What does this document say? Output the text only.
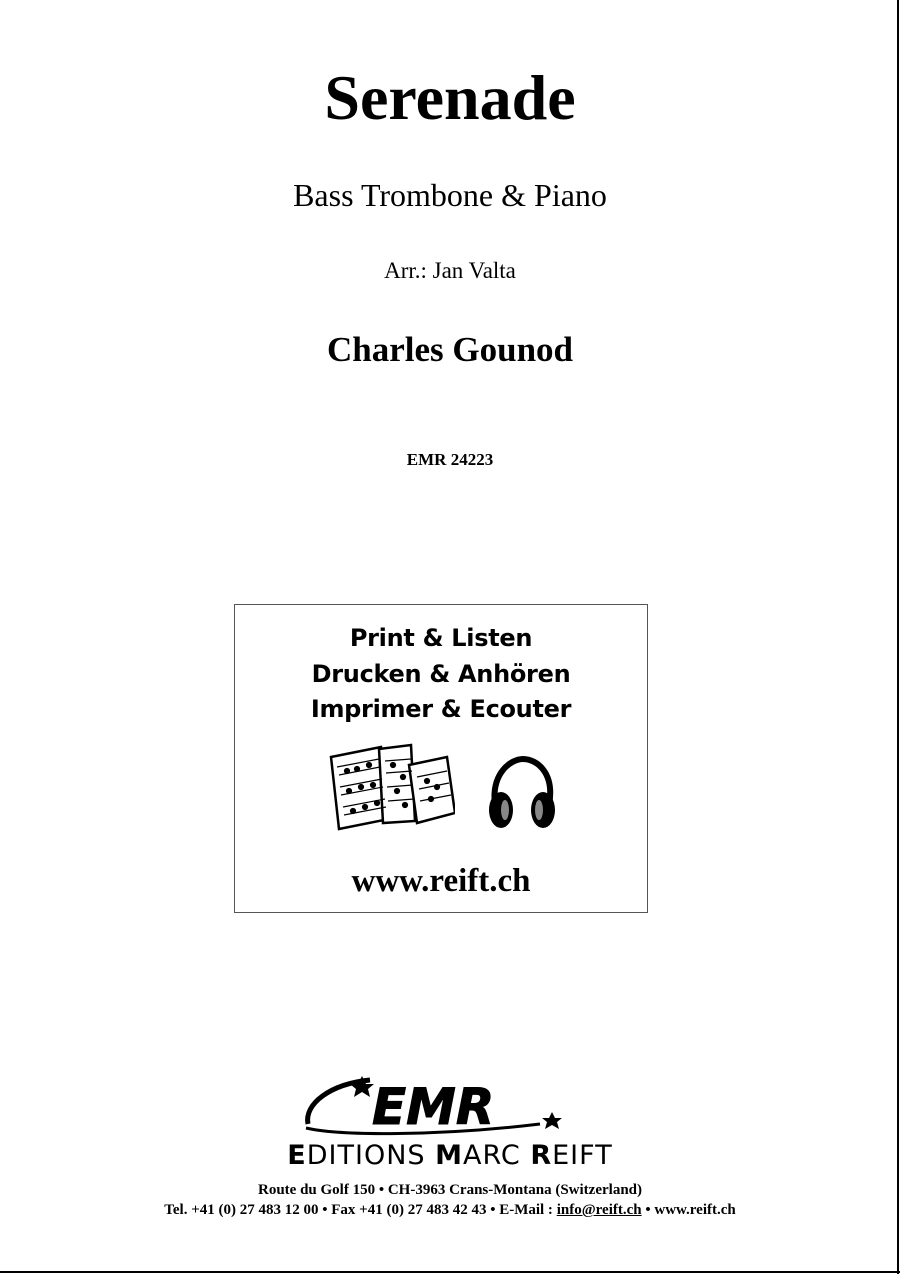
Serenade
Bass Trombone & Piano
Arr.: Jan Valta
Charles Gounod
EMR 24223
Print & Listen
Drucken & Anhören
Imprimer & Ecouter
www.reift.ch
EMR
EDITIONS MARC REIFT
Route du Golf 150 • CH-3963 Crans-Montana (Switzerland)
Tel. +41 (0) 27 483 12 00 • Fax +41 (0) 27 483 42 43 • E-Mail : info@reift.ch • www.reift.ch
